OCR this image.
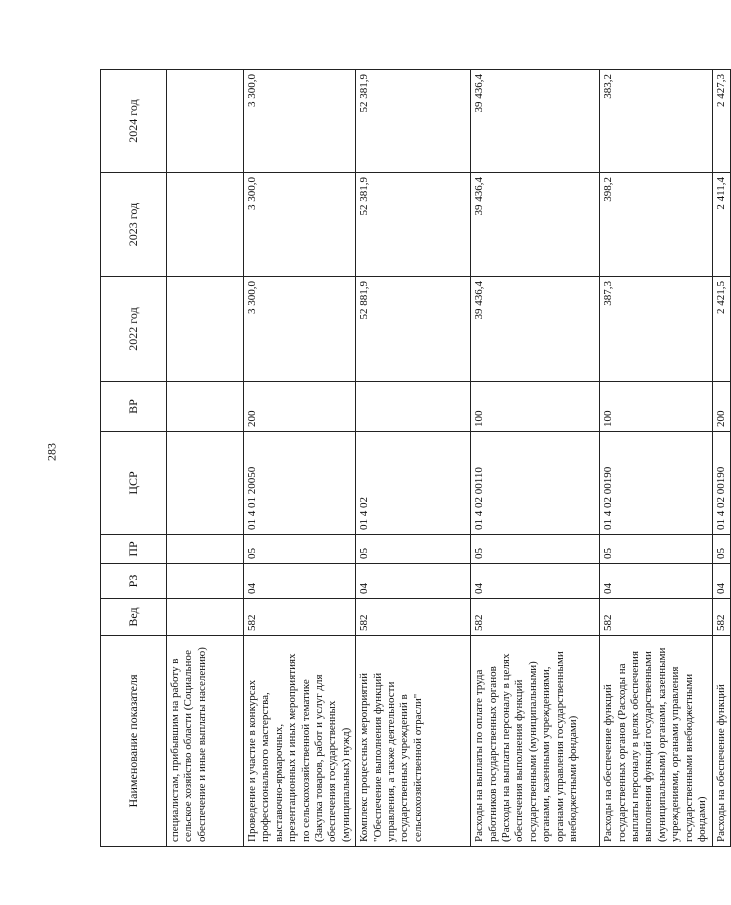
283
Наименование показателя	Вед	РЗ	ПР	ЦСР	ВР	2022 год	2023 год	2024 год
специалистам, прибывшим на работу в сельское хозяйство области (Социальное обеспечение и иные выплаты населению)								
Проведение и участие в конкурсах профессионального мастерства, выставочно-ярмарочных, презентационных и иных мероприятиях по сельскохозяйственной тематике (Закупка товаров, работ и услуг для обеспечения государственных (муниципальных) нужд)	582	04	05	01 4 01 20050	200	3 300,0	3 300,0	3 300,0
Комплекс процессных мероприятий "Обеспечение выполнения функций управления, а также деятельности государственных учреждений в сельскохозяйственной отрасли"	582	04	05	01 4 02		52 881,9	52 381,9	52 381,9
Расходы на выплаты по оплате труда работников государственных органов (Расходы на выплаты персоналу в целях обеспечения выполнения функций государственными (муниципальными) органами, казенными учреждениями, органами управления государственными внебюджетными фондами)	582	04	05	01 4 02 00110	100	39 436,4	39 436,4	39 436,4
Расходы на обеспечение функций государственных органов (Расходы на выплаты персоналу в целях обеспечения выполнения функций государственными (муниципальными) органами, казенными учреждениями, органами управления государственными внебюджетными фондами)	582	04	05	01 4 02 00190	100	387,3	398,2	383,2
Расходы на обеспечение функций	582	04	05	01 4 02 00190	200	2 421,5	2 411,4	2 427,3
